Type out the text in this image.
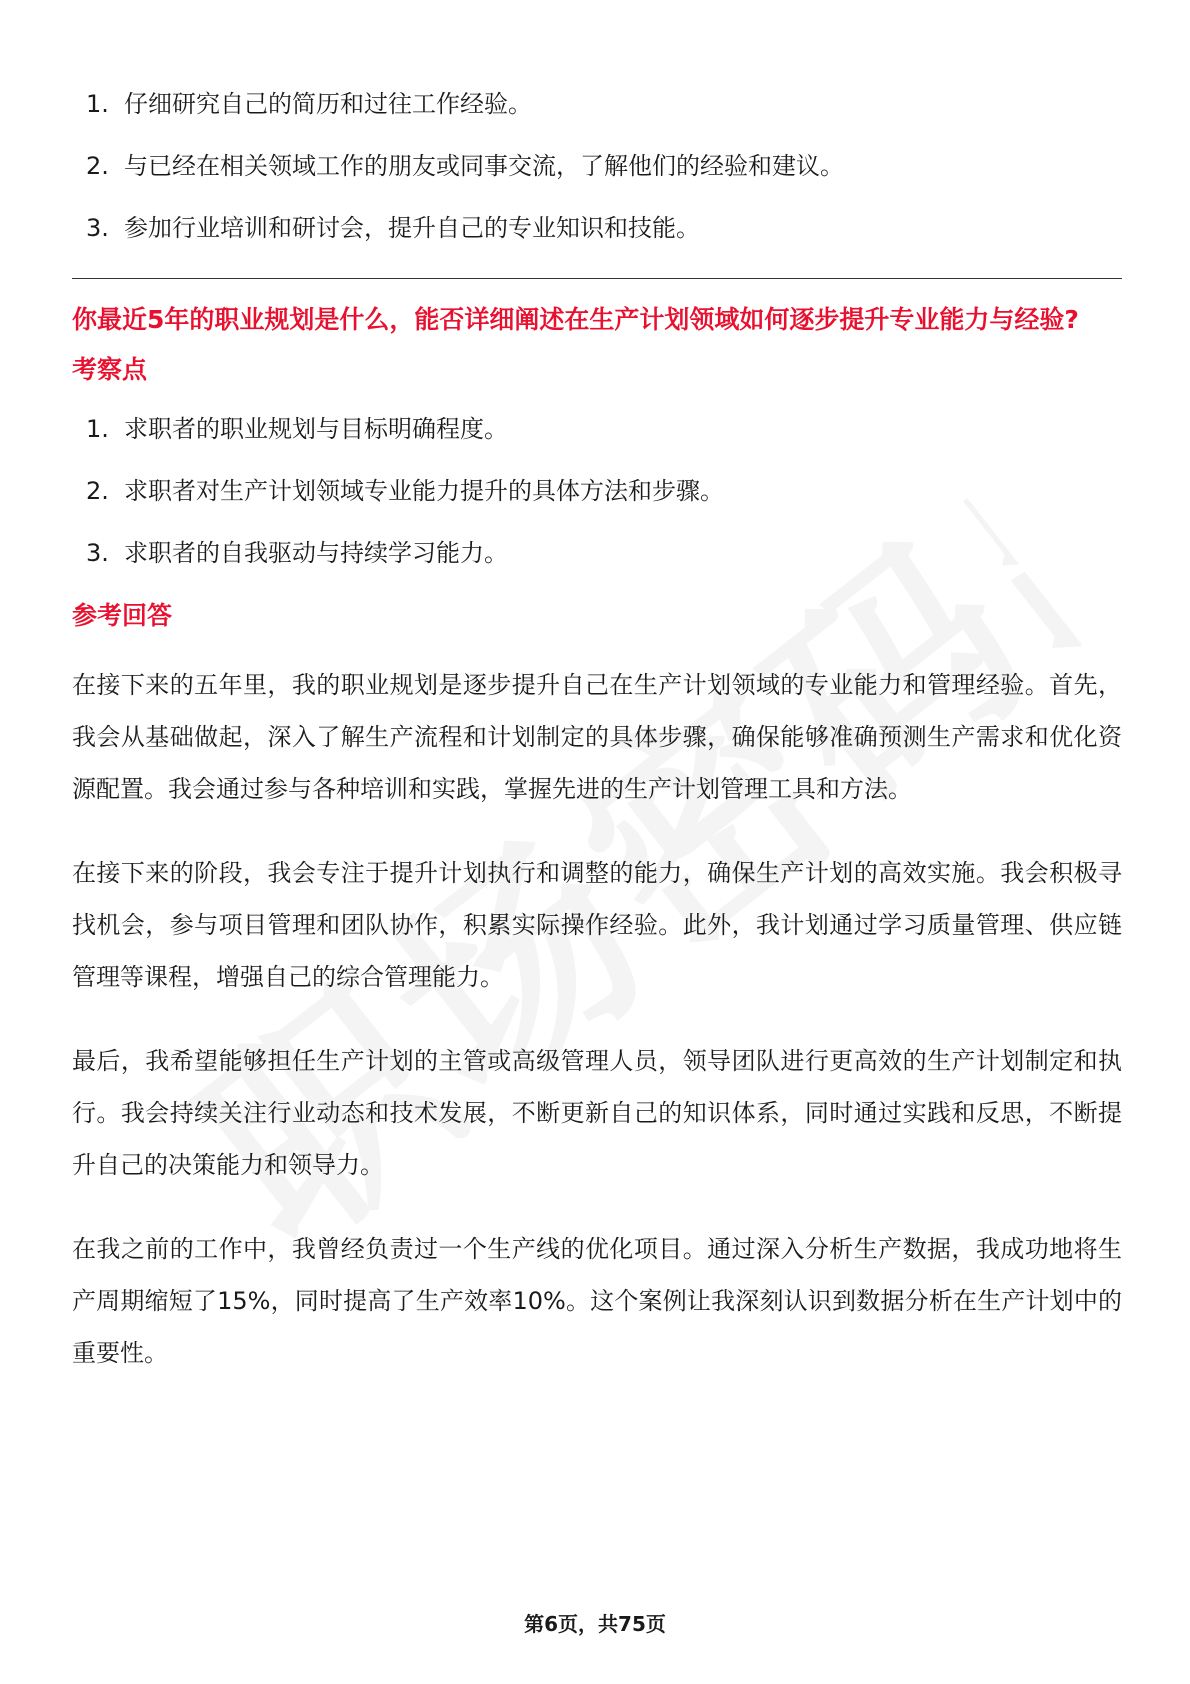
1. 仔细研究自己的简历和过往工作经验。
2. 与已经在相关领域工作的朋友或同事交流，了解他们的经验和建议。
3. 参加行业培训和研讨会，提升自己的专业知识和技能。
你最近5年的职业规划是什么，能否详细阐述在生产计划领域如何逐步提升专业能力与经验?
考察点
1. 求职者的职业规划与目标明确程度。
2. 求职者对生产计划领域专业能力提升的具体方法和步骤。
3. 求职者的自我驱动与持续学习能力。
参考回答

在接下来的五年里，我的职业规划是逐步提升自己在生产计划领域的专业能力和管理经验。首先，我会从基础做起，深入了解生产流程和计划制定的具体步骤，确保能够准确预测生产需求和优化资源配置。我会通过参与各种培训和实践，掌握先进的生产计划管理工具和方法。

在接下来的阶段，我会专注于提升计划执行和调整的能力，确保生产计划的高效实施。我会积极寻找机会，参与项目管理和团队协作，积累实际操作经验。此外，我计划通过学习质量管理、供应链管理等课程，增强自己的综合管理能力。

最后，我希望能够担任生产计划的主管或高级管理人员，领导团队进行更高效的生产计划制定和执行。我会持续关注行业动态和技术发展，不断更新自己的知识体系，同时通过实践和反思，不断提升自己的决策能力和领导力。

在我之前的工作中，我曾经负责过一个生产线的优化项目。通过深入分析生产数据，我成功地将生产周期缩短了15%，同时提高了生产效率10%。这个案例让我深刻认识到数据分析在生产计划中的重要性。

第6页，共75页
